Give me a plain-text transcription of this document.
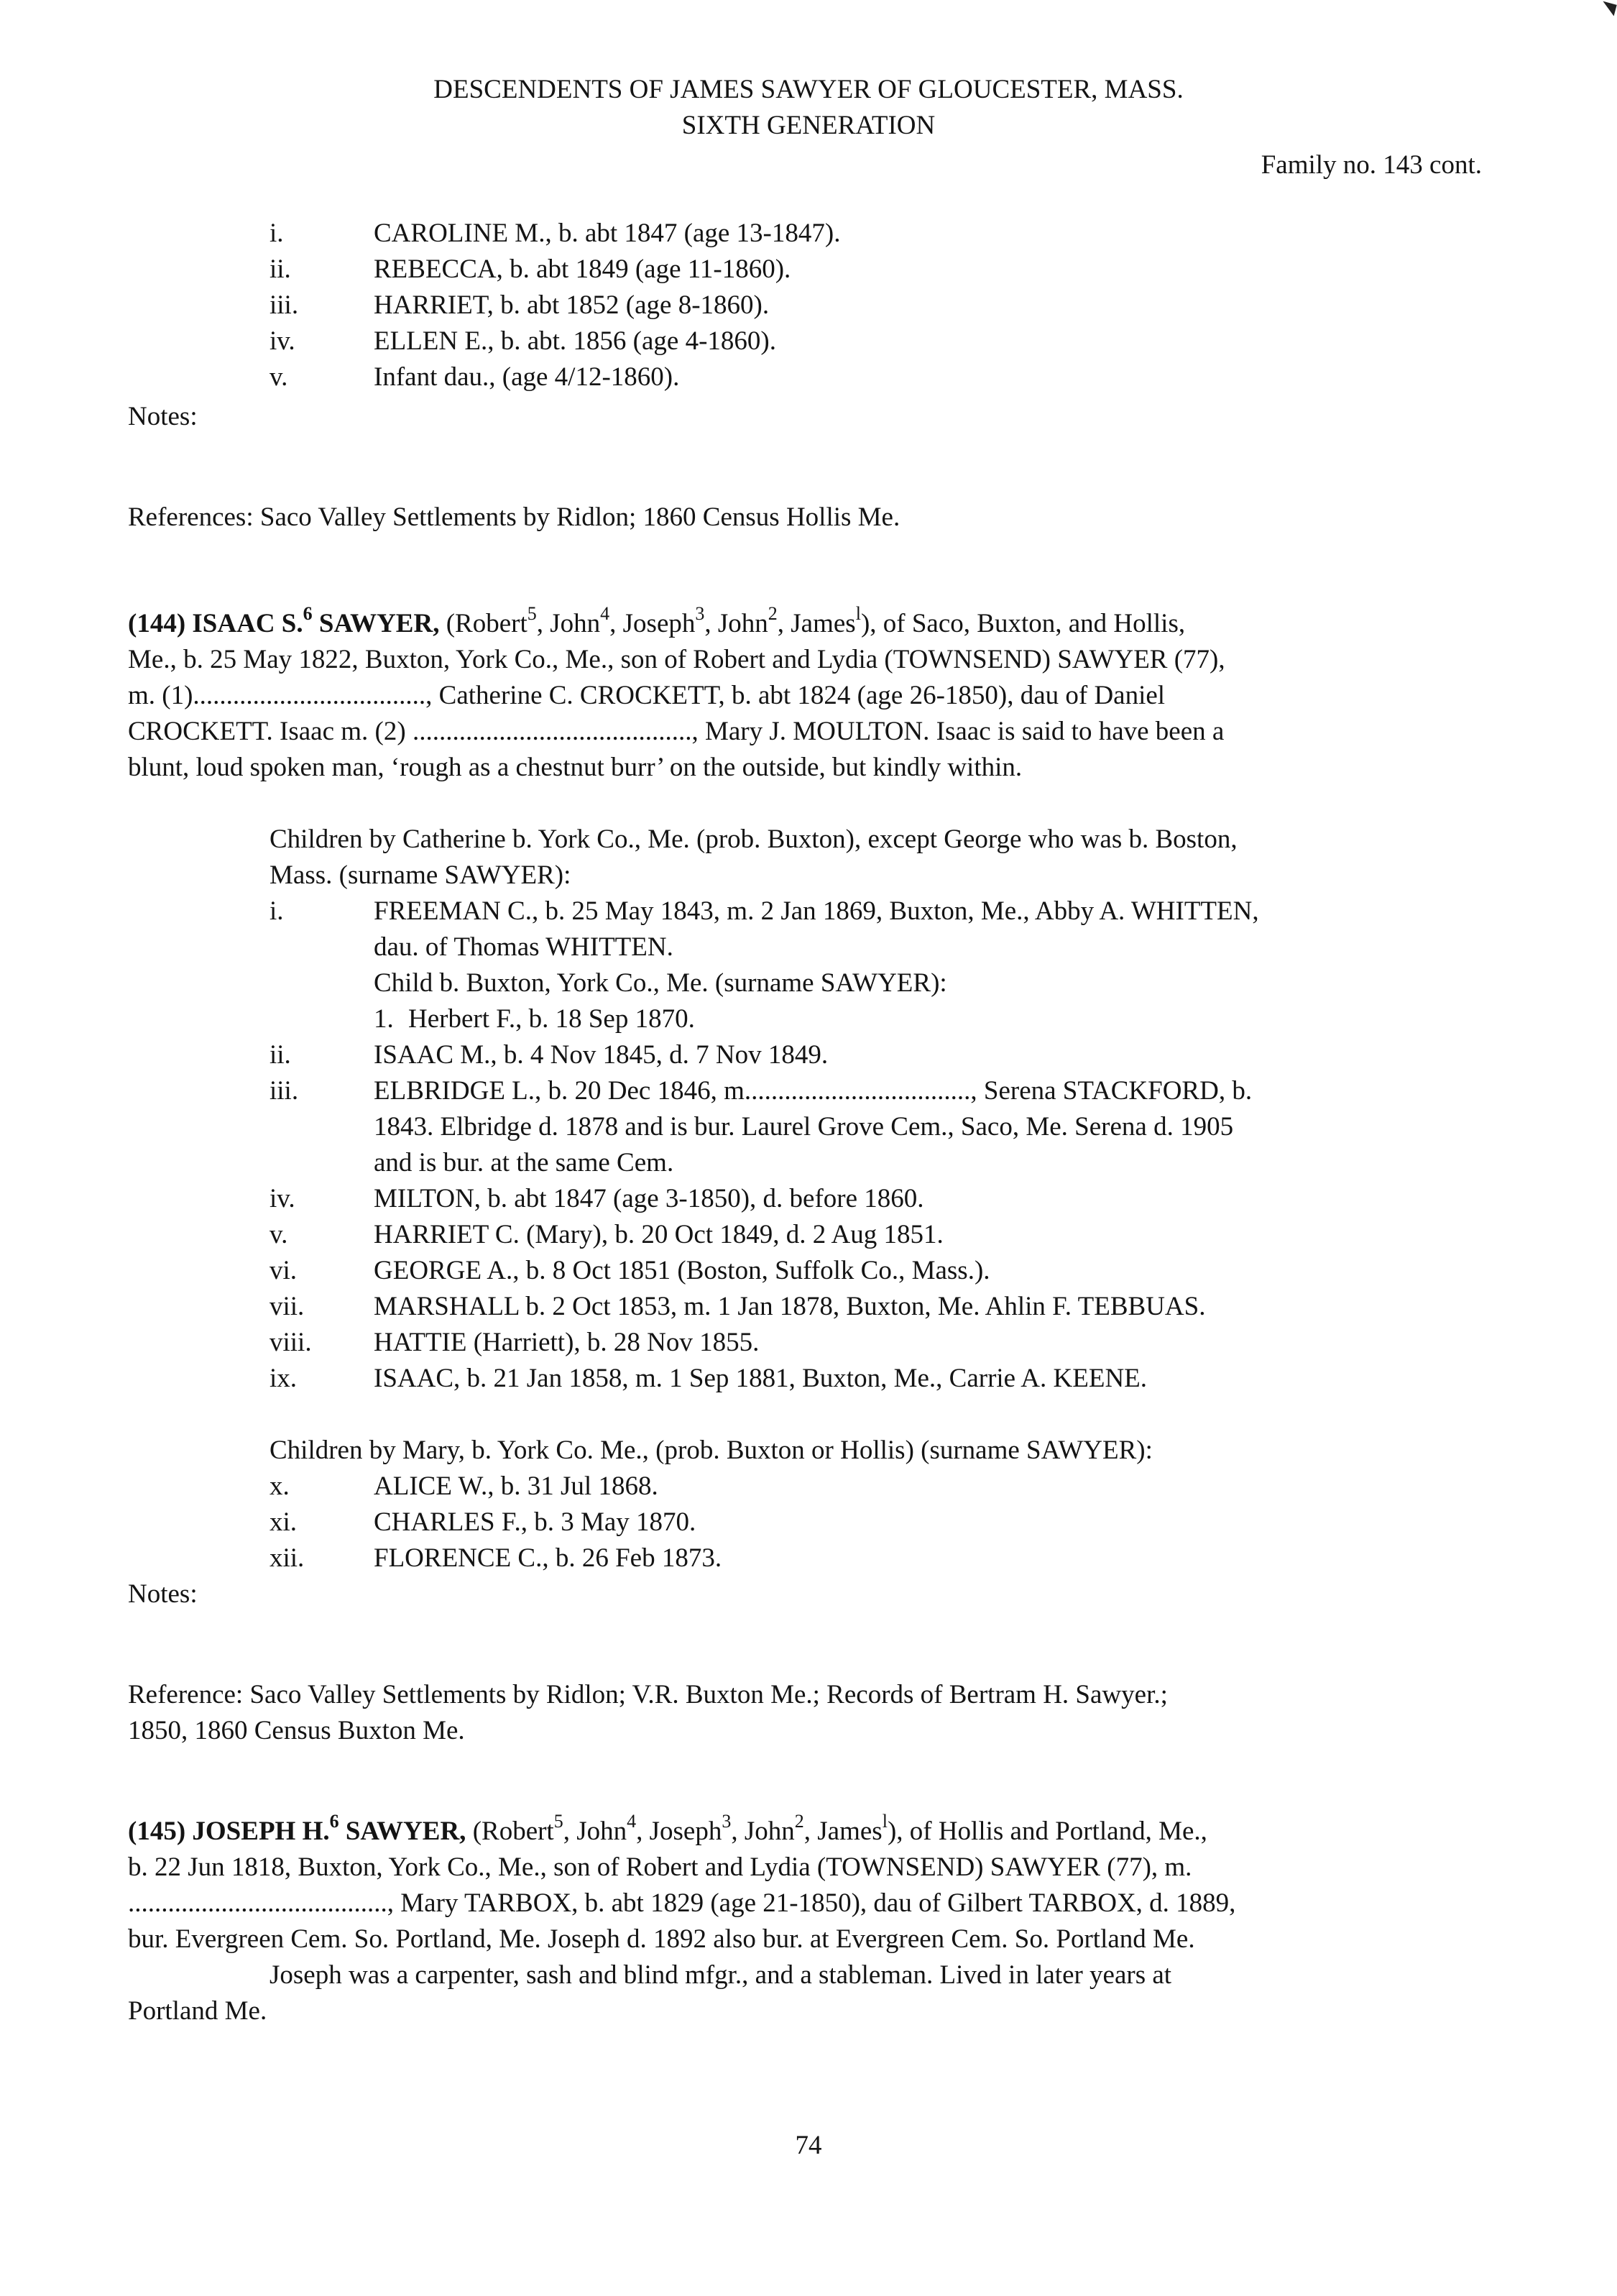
DESCENDENTS OF JAMES SAWYER OF GLOUCESTER, MASS.
SIXTH GENERATION
Family no. 143 cont.
i.	CAROLINE M., b. abt 1847 (age 13-1847).
ii.	REBECCA, b. abt 1849 (age 11-1860).
iii.	HARRIET, b. abt 1852 (age 8-1860).
iv.	ELLEN E., b. abt. 1856 (age 4-1860).
v.	Infant dau., (age 4/12-1860).
Notes:
References: Saco Valley Settlements by Ridlon; 1860 Census Hollis Me.
(144) ISAAC S.$^6$ SAWYER, (Robert$^5$, John$^4$, Joseph$^3$, John$^2$, James$^l$), of Saco, Buxton, and Hollis,
Me., b. 25 May 1822, Buxton, York Co., Me., son of Robert and Lydia (TOWNSEND) SAWYER (77),
m. (1)..................................., Catherine C. CROCKETT, b. abt 1824 (age 26-1850), dau of Daniel
CROCKETT. Isaac m. (2) .........................................., Mary J. MOULTON. Isaac is said to have been a
blunt, loud spoken man, ‘rough as a chestnut burr’ on the outside, but kindly within.
Children by Catherine b. York Co., Me. (prob. Buxton), except George who was b. Boston,
Mass. (surname SAWYER):
i.	FREEMAN C., b. 25 May 1843, m. 2 Jan 1869, Buxton, Me., Abby A. WHITTEN,
dau. of Thomas WHITTEN.
Child b. Buxton, York Co., Me. (surname SAWYER):
1. Herbert F., b. 18 Sep 1870.
ii.	ISAAC M., b. 4 Nov 1845, d. 7 Nov 1849.
iii.	ELBRIDGE L., b. 20 Dec 1846, m.................................., Serena STACKFORD, b.
1843. Elbridge d. 1878 and is bur. Laurel Grove Cem., Saco, Me. Serena d. 1905
and is bur. at the same Cem.
iv.	MILTON, b. abt 1847 (age 3-1850), d. before 1860.
v.	HARRIET C. (Mary), b. 20 Oct 1849, d. 2 Aug 1851.
vi.	GEORGE A., b. 8 Oct 1851 (Boston, Suffolk Co., Mass.).
vii.	MARSHALL b. 2 Oct 1853, m. 1 Jan 1878, Buxton, Me. Ahlin F. TEBBUAS.
viii. HATTIE (Harriett), b. 28 Nov 1855.
ix.	ISAAC, b. 21 Jan 1858, m. 1 Sep 1881, Buxton, Me., Carrie A. KEENE.
Children by Mary, b. York Co. Me., (prob. Buxton or Hollis) (surname SAWYER):
x.	ALICE W., b. 31 Jul 1868.
xi.	CHARLES F., b. 3 May 1870.
xii.	FLORENCE C., b. 26 Feb 1873.
Notes:
Reference: Saco Valley Settlements by Ridlon; V.R. Buxton Me.; Records of Bertram H. Sawyer.;
1850, 1860 Census Buxton Me.
(145) JOSEPH H.$^6$ SAWYER, (Robert$^5$, John$^4$, Joseph$^3$, John$^2$, James$^l$), of Hollis and Portland, Me.,
b. 22 Jun 1818, Buxton, York Co., Me., son of Robert and Lydia (TOWNSEND) SAWYER (77), m.
......................................., Mary TARBOX, b. abt 1829 (age 21-1850), dau of Gilbert TARBOX, d. 1889,
bur. Evergreen Cem. So. Portland, Me. Joseph d. 1892 also bur. at Evergreen Cem. So. Portland Me.
Joseph was a carpenter, sash and blind mfgr., and a stableman. Lived in later years at
Portland Me.
74
